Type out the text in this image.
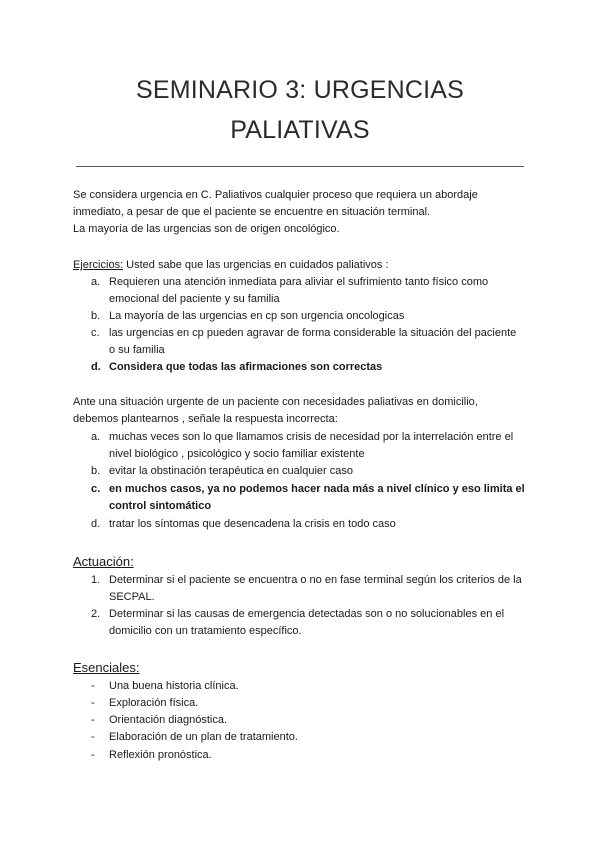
SEMINARIO 3: URGENCIAS
PALIATIVAS
Se considera urgencia en C. Paliativos cualquier proceso que requiera un abordaje
inmediato, a pesar de que el paciente se encuentre en situación terminal.
La mayoría de las urgencias son de origen oncológico.
Ejercicios: Usted sabe que las urgencias en cuidados paliativos :
a. Requieren una atención inmediata para aliviar el sufrimiento tanto físico como
emocional del paciente y su familia
b. La mayoría de las urgencias en cp son urgencia oncologicas
c. las urgencias en cp pueden agravar de forma considerable la situación del paciente
o su familia
d. Considera que todas las afirmaciones son correctas
Ante una situación urgente de un paciente con necesidades paliativas en domicilio,
debemos plantearnos , señale la respuesta incorrecta:
a. muchas veces son lo que llamamos crisis de necesidad por la interrelación entre el
nivel biológico , psicológico y socio familiar existente
b. evitar la obstinación terapéutica en cualquier caso
c. en muchos casos, ya no podemos hacer nada más a nivel clínico y eso limita el
control sintomático
d. tratar los síntomas que desencadena la crisis en todo caso
Actuación:
1. Determinar si el paciente se encuentra o no en fase terminal según los criterios de la
SECPAL.
2. Determinar si las causas de emergencia detectadas son o no solucionables en el
domicilio con un tratamiento específico.
Esenciales:
- Una buena historia clínica.
- Exploración física.
- Orientación diagnóstica.
- Elaboración de un plan de tratamiento.
- Reflexión pronóstica.
